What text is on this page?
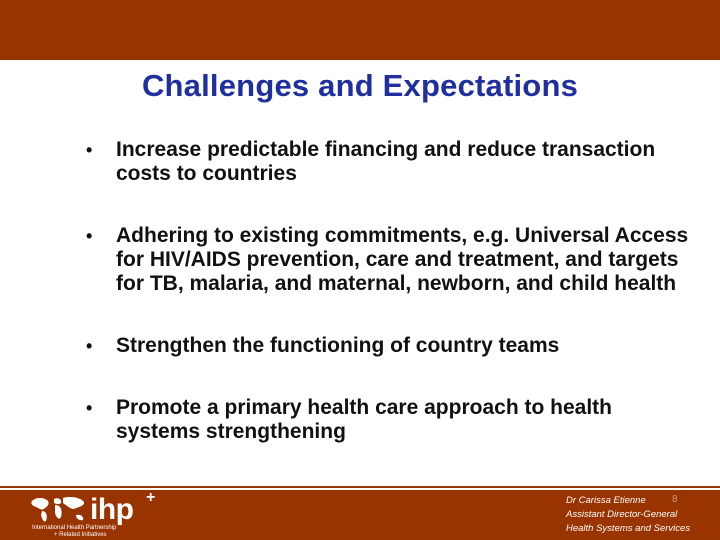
Challenges and Expectations
• Increase predictable financing and reduce transaction costs to countries
• Adhering to existing commitments, e.g. Universal Access for HIV/AIDS prevention, care and treatment, and targets for TB, malaria, and maternal, newborn, and child health
• Strengthen the functioning of country teams
• Promote a primary health care approach to health systems strengthening
ihp +
International Health Partnership
+ Related Initiatives
Dr Carissa Etienne
Assistant Director-General
Health Systems and Services
8
